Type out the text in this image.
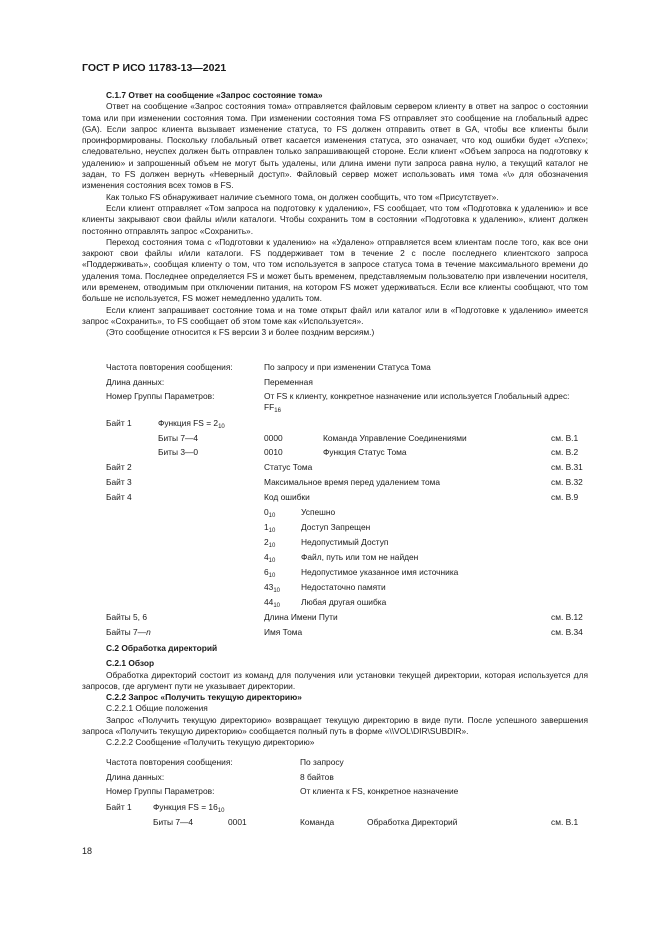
ГОСТ Р ИСО 11783-13—2021
С.1.7 Ответ на сообщение «Запрос состояние тома»

Ответ на сообщение «Запрос состояния тома» отправляется файловым сервером клиенту в ответ на запрос о состоянии тома или при изменении состояния тома. При изменении состояния тома FS отправляет это сообщение на глобальный адрес (GA). Если запрос клиента вызывает изменение статуса, то FS должен отправить ответ в GA, чтобы все клиенты были проинформированы. Поскольку глобальный ответ касается изменения статуса, это означает, что код ошибки будет «Успех»; следовательно, неуспех должен быть отправлен только запрашивающей стороне. Если клиент «Объем запроса на подготовку к удалению» и запрошенный объем не могут быть удалены, или длина имени пути запроса равна нулю, а текущий каталог не задан, то FS должен вернуть «Неверный доступ». Файловый сервер может использовать имя тома «\» для обозначения изменения состояния всех томов в FS.

Как только FS обнаруживает наличие съемного тома, он должен сообщить, что том «Присутствует».

Если клиент отправляет «Том запроса на подготовку к удалению», FS сообщает, что том «Подготовка к удалению» и все клиенты закрывают свои файлы и/или каталоги. Чтобы сохранить том в состоянии «Подготовка к удалению», клиент должен постоянно отправлять запрос «Сохранить».

Переход состояния тома с «Подготовки к удалению» на «Удалено» отправляется всем клиентам после того, как все они закроют свои файлы и/или каталоги. FS поддерживает том в течение 2 с после последнего клиентского запроса «Поддерживать», сообщая клиенту о том, что том используется в запросе статуса тома в течение максимального времени до удаления тома. Последнее определяется FS и может быть временем, представляемым пользователю при извлечении носителя, или временем, отводимым при отключении питания, на котором FS может удерживаться. Если все клиенты сообщают, что том больше не используется, FS может немедленно удалить том.

Если клиент запрашивает состояние тома и на томе открыт файл или каталог или в «Подготовке к удалению» имеется запрос «Сохранить», то FS сообщает об этом томе как «Используется».

(Это сообщение относится к FS версии 3 и более поздним версиям.)

Частота повторения сообщения:	По запросу и при изменении Статуса Тома
Длина данных:	Переменная
Номер Группы Параметров:	От FS к клиенту, конкретное назначение или используется Глобальный адрес:
$FF_{16}$
Байт 1	Функция FS = $2_{10}$
Биты 7—4	0000	Команда Управление Соединениями	см. В.1
Биты 3—0	0010	Функция Статус Тома	см. В.2
Байт 2	Статус Тома	см. В.31
Байт 3	Максимальное время перед удалением тома	см. В.32
Байт 4	Код ошибки	см. В.9
$0_{10}$	Успешно
$1_{10}$	Доступ Запрещен
$2_{10}$	Недопустимый Доступ
$4_{10}$	Файл, путь или том не найден
$6_{10}$	Недопустимое указанное имя источника
$43_{10}$ Недостаточно памяти
$44_{10}$ Любая другая ошибка
Байты 5, 6	Длина Имени Пути	см. В.12
Байты 7—n	Имя Тома	см. В.34
С.2 Обработка директорий
С.2.1 Обзор

Обработка директорий состоит из команд для получения или установки текущей директории, которая используется для запросов, где аргумент пути не указывает директории.

С.2.2 Запрос «Получить текущую директорию»

С.2.2.1 Общие положения

Запрос «Получить текущую директорию» возвращает текущую директорию в виде пути. После успешного завершения запроса «Получить текущую директорию» сообщается полный путь в форме «\\VOL\DIR\SUBDIR».

С.2.2.2 Сообщение «Получить текущую директорию»

Частота повторения сообщения:	По запросу
Длина данных:	8 байтов
Номер Группы Параметров:	От клиента к FS, конкретное назначение
Байт 1	Функция FS = $16_{10}$
Биты 7—4	0001	Команда	Обработка Директорий	см. В.1
18
